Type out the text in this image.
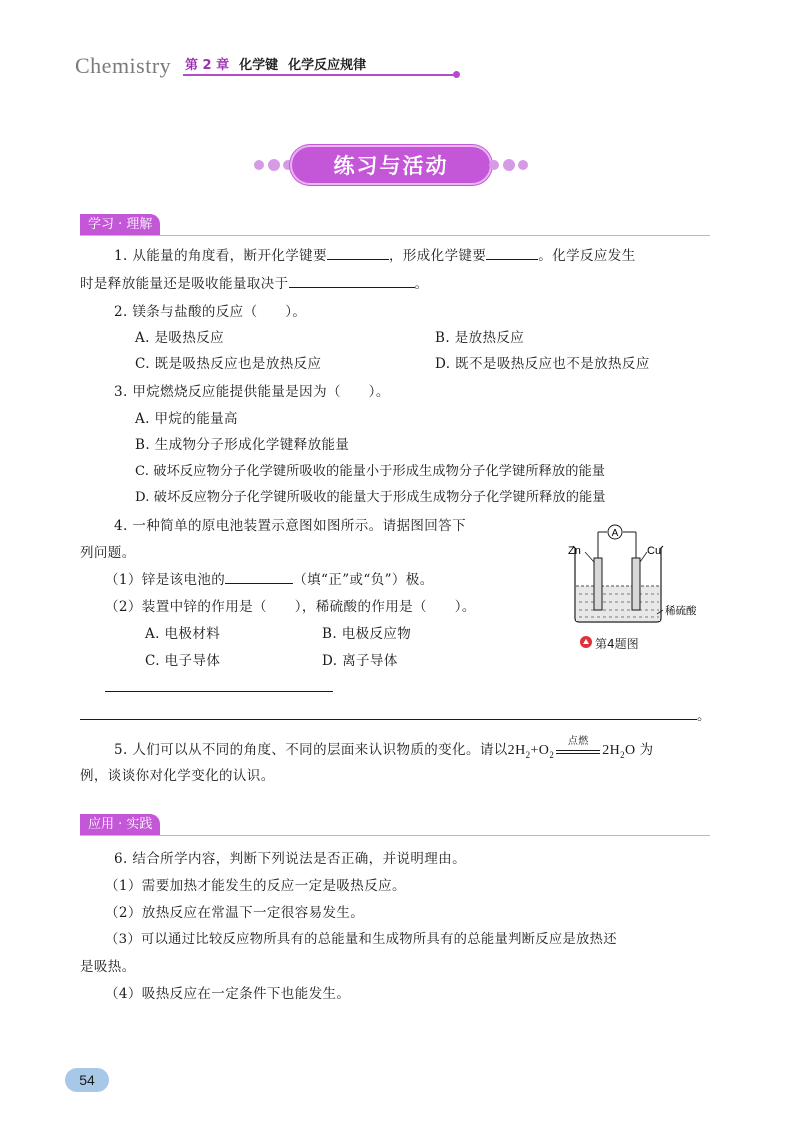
Chemistry 第 2 章 化学键 化学反应规律
练习与活动
学习 · 理解
1. 从能量的角度看，断开化学键要	，形成化学键要	。化学反应发生
时是释放能量还是吸收能量取决于	。
2. 镁条与盐酸的反应（　　）。
A. 是吸热反应	B. 是放热反应
C. 既是吸热反应也是放热反应	D. 既不是吸热反应也不是放热反应
3. 甲烷燃烧反应能提供能量是因为（　　）。
A. 甲烷的能量高
B. 生成物分子形成化学键释放能量
C. 破坏反应物分子化学键所吸收的能量小于形成生成物分子化学键所释放的能量
D. 破坏反应物分子化学键所吸收的能量大于形成生成物分子化学键所释放的能量
4. 一种简单的原电池装置示意图如图所示。请据图回答下
列问题。
（1）锌是该电池的	（填“正”或“负”）极。
（2）装置中锌的作用是（　　），稀硫酸的作用是（　　）。
A. 电极材料	B. 电极反应物
C. 电子导体	D. 离子导体
。
A
Zn	Cu
稀硫酸
第4题图
5. 人们可以从不同的角度、不同的层面来认识物质的变化。请以$2H_2+O_2$
点燃
$2H_2O$ 为
例，谈谈你对化学变化的认识。
应用 · 实践
6. 结合所学内容，判断下列说法是否正确，并说明理由。
（1）需要加热才能发生的反应一定是吸热反应。
（2）放热反应在常温下一定很容易发生。
（3）可以通过比较反应物所具有的总能量和生成物所具有的总能量判断反应是放热还
是吸热。
（4）吸热反应在一定条件下也能发生。
54
